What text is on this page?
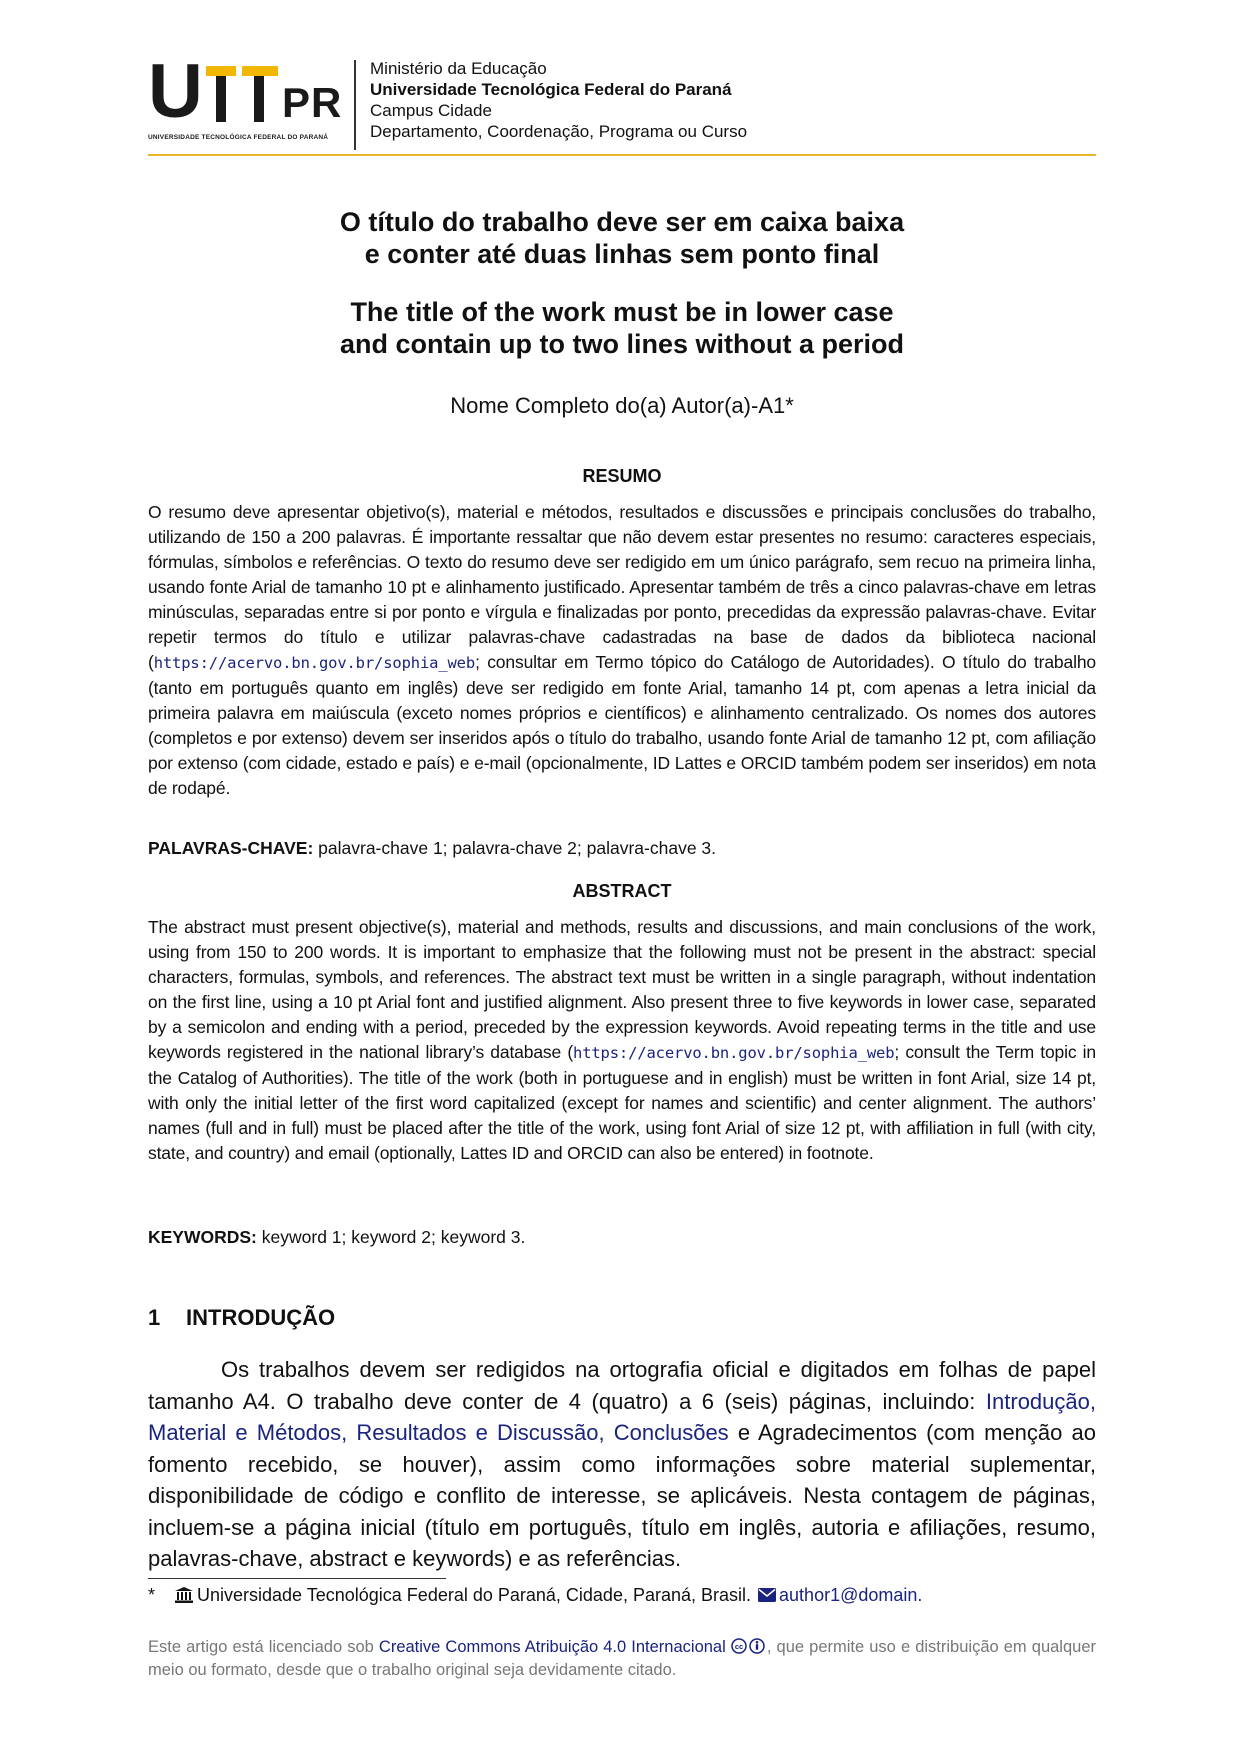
U PR
UNIVERSIDADE TECNOLÓGICA FEDERAL DO PARANÁ
Ministério da Educação
Universidade Tecnológica Federal do Paraná
Campus Cidade
Departamento, Coordenação, Programa ou Curso
O título do trabalho deve ser em caixa baixa
e conter até duas linhas sem ponto final
The title of the work must be in lower case
and contain up to two lines without a period
Nome Completo do(a) Autor(a)-A1*
RESUMO
O resumo deve apresentar objetivo(s), material e métodos, resultados e discussões e principais conclusões do trabalho, utilizando de 150 a 200 palavras. É importante ressaltar que não devem estar presentes no resumo: caracteres especiais, fórmulas, símbolos e referências. O texto do resumo deve ser redigido em um único parágrafo, sem recuo na primeira linha, usando fonte Arial de tamanho 10 pt e alinhamento justificado. Apresentar também de três a cinco palavras-chave em letras minúsculas, separadas entre si por ponto e vírgula e finalizadas por ponto, precedidas da expressão palavras-chave. Evitar repetir termos do título e utilizar palavras-chave cadastradas na base de dados da biblioteca nacional (https://acervo.bn.gov.br/sophia_web; consultar em Termo tópico do Catálogo de Autoridades). O título do trabalho (tanto em português quanto em inglês) deve ser redigido em fonte Arial, tamanho 14 pt, com apenas a letra inicial da primeira palavra em maiúscula (exceto nomes próprios e científicos) e alinhamento centralizado. Os nomes dos autores (completos e por extenso) devem ser inseridos após o título do trabalho, usando fonte Arial de tamanho 12 pt, com afiliação por extenso (com cidade, estado e país) e e-mail (opcionalmente, ID Lattes e ORCID também podem ser inseridos) em nota de rodapé.
PALAVRAS-CHAVE: palavra-chave 1; palavra-chave 2; palavra-chave 3.
ABSTRACT
The abstract must present objective(s), material and methods, results and discussions, and main conclusions of the work, using from 150 to 200 words. It is important to emphasize that the following must not be present in the abstract: special characters, formulas, symbols, and references. The abstract text must be written in a single paragraph, without indentation on the first line, using a 10 pt Arial font and justified alignment. Also present three to five keywords in lower case, separated by a semicolon and ending with a period, preceded by the expression keywords. Avoid repeating terms in the title and use keywords registered in the national library’s database (https://acervo.bn.gov.br/sophia_web; consult the Term topic in the Catalog of Authorities). The title of the work (both in portuguese and in english) must be written in font Arial, size 14 pt, with only the initial letter of the first word capitalized (except for names and scientific) and center alignment. The authors’ names (full and in full) must be placed after the title of the work, using font Arial of size 12 pt, with affiliation in full (with city, state, and country) and email (optionally, Lattes ID and ORCID can also be entered) in footnote.
KEYWORDS: keyword 1; keyword 2; keyword 3.
1 INTRODUÇÃO
Os trabalhos devem ser redigidos na ortografia oficial e digitados em folhas de papel tamanho A4. O trabalho deve conter de 4 (quatro) a 6 (seis) páginas, incluindo: Introdução, Material e Métodos, Resultados e Discussão, Conclusões e Agradecimentos (com menção ao fomento recebido, se houver), assim como informações sobre material suplementar, disponibilidade de código e conflito de interesse, se aplicáveis. Nesta contagem de páginas, incluem-se a página inicial (título em português, título em inglês, autoria e afiliações, resumo, palavras-chave, abstract e keywords) e as referências.
* Universidade Tecnológica Federal do Paraná, Cidade, Paraná, Brasil. author1@domain.
Este artigo está licenciado sob Creative Commons Atribuição 4.0 Internacional cc , que permite uso e distribuição em qualquer meio ou formato, desde que o trabalho original seja devidamente citado.
